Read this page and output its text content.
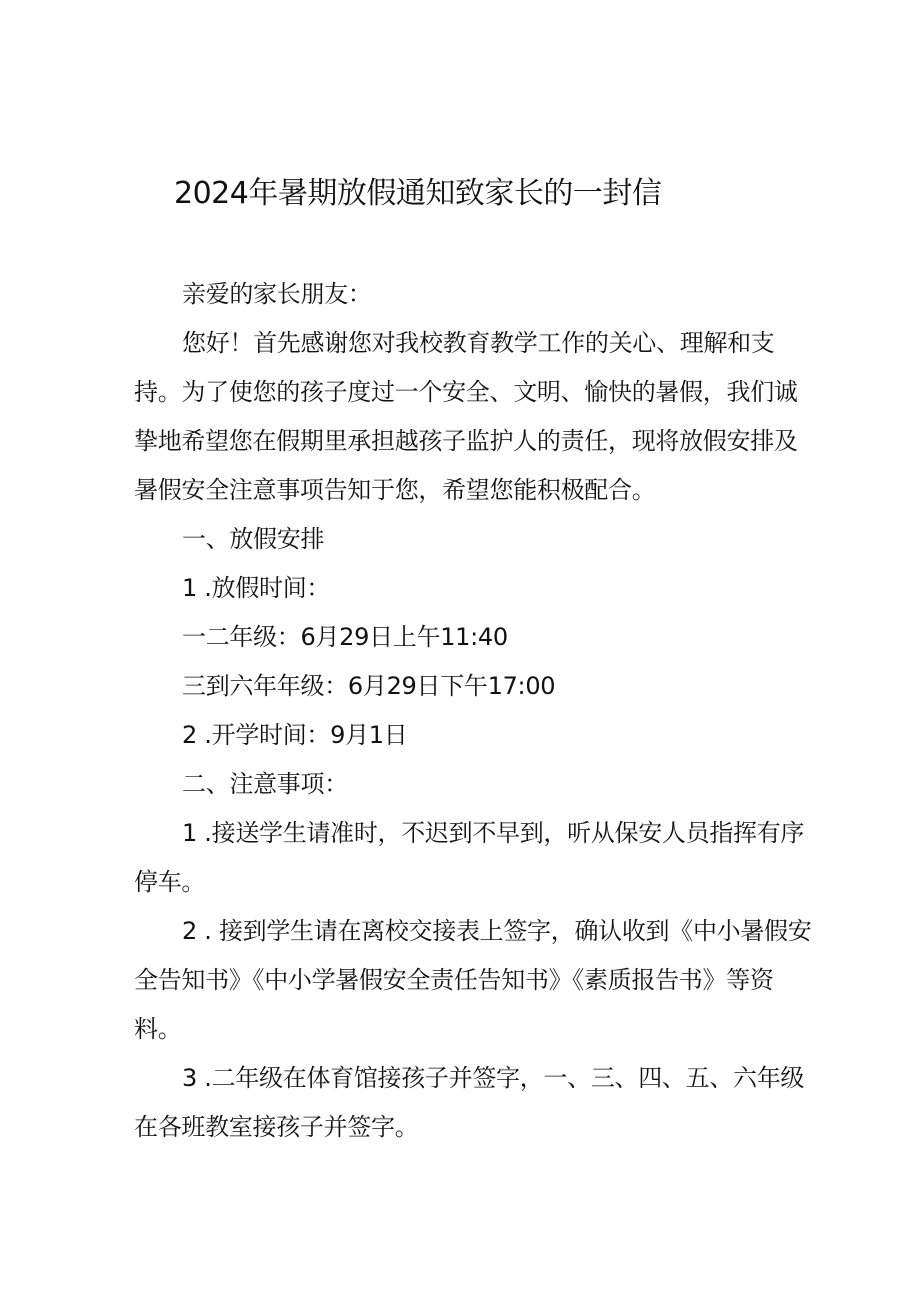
2024年暑期放假通知致家长的一封信

亲爱的家长朋友：

您好！首先感谢您对我校教育教学工作的关心、理解和支持。为了使您的孩子度过一个安全、文明、愉快的暑假，我们诚挚地希望您在假期里承担越孩子监护人的责任，现将放假安排及暑假安全注意事项告知于您，希望您能积极配合。

一、放假安排

1 .放假时间：

一二年级：6月29日上午11:40

三到六年年级：6月29日下午17:00

2 .开学时间：9月1日

二、注意事项：

1 .接送学生请准时，不迟到不早到，听从保安人员指挥有序停车。

2 . 接到学生请在离校交接表上签字，确认收到《中小暑假安全告知书》《中小学暑假安全责任告知书》《素质报告书》等资料。

3 .二年级在体育馆接孩子并签字，一、三、四、五、六年级在各班教室接孩子并签字。
